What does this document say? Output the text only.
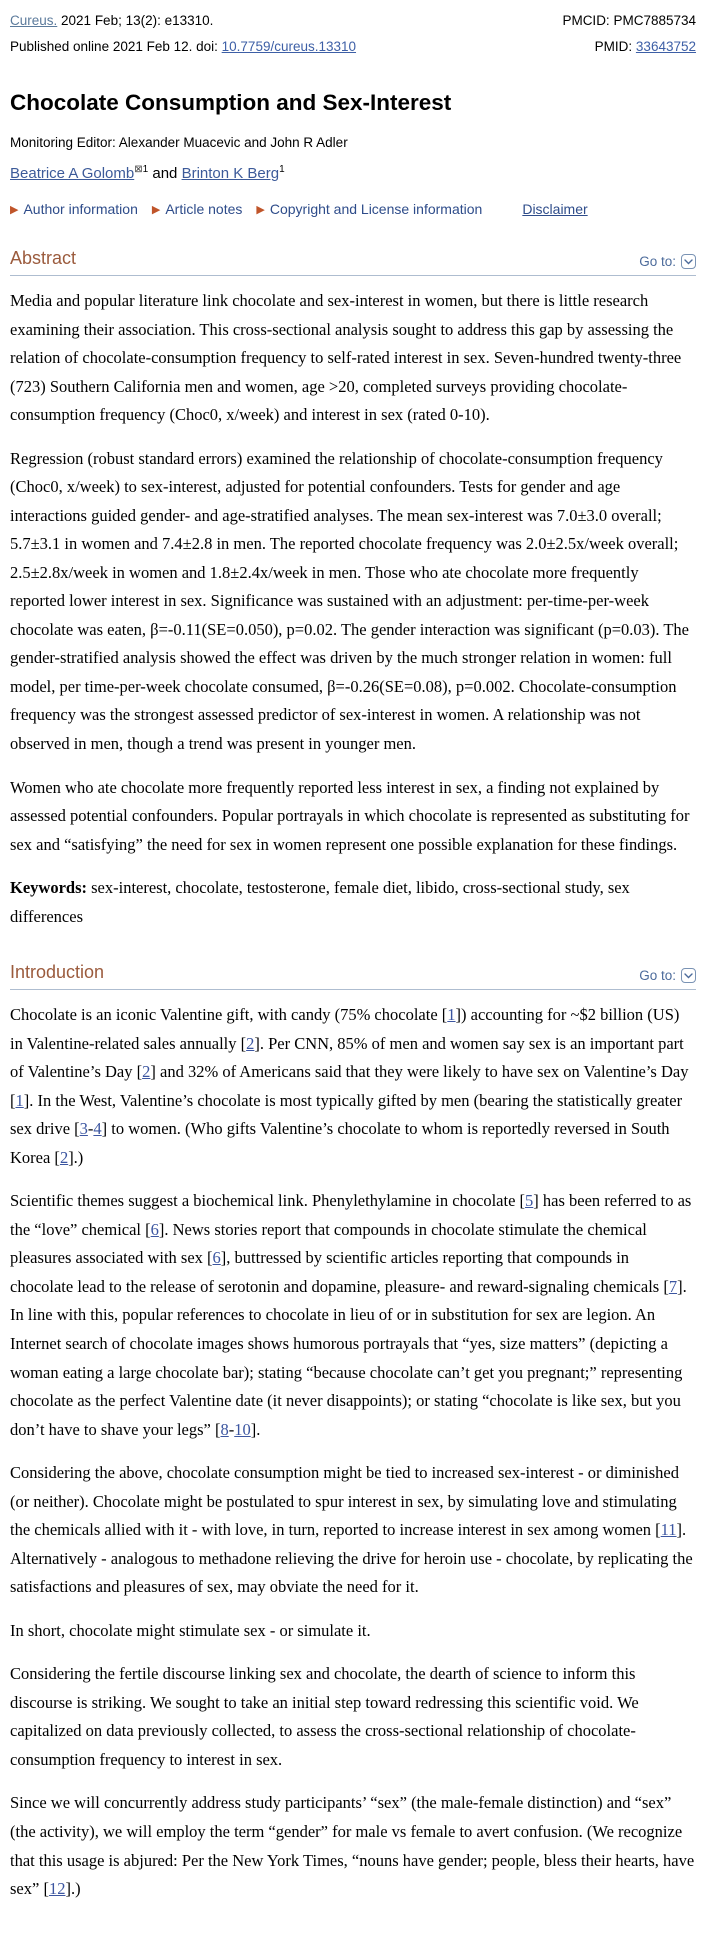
Cureus. 2021 Feb; 13(2): e13310.	PMCID: PMC7885734
Published online 2021 Feb 12. doi: 10.7759/cureus.13310	PMID: 33643752
Chocolate Consumption and Sex-Interest
Monitoring Editor: Alexander Muacevic and John R Adler
Beatrice A Golomb$^{⊠1}$ and Brinton K Berg$^1$
▶ Author information ▶ Article notes ▶ Copyright and License information	Disclaimer
Abstract	Go to:

Media and popular literature link chocolate and sex-interest in women, but there is little research examining their association. This cross-sectional analysis sought to address this gap by assessing the relation of chocolate-consumption frequency to self-rated interest in sex. Seven-hundred twenty-three (723) Southern California men and women, age >20, completed surveys providing chocolate-consumption frequency (Choc0, x/week) and interest in sex (rated 0-10).

Regression (robust standard errors) examined the relationship of chocolate-consumption frequency (Choc0, x/week) to sex-interest, adjusted for potential confounders. Tests for gender and age interactions guided gender- and age-stratified analyses. The mean sex-interest was 7.0±3.0 overall; 5.7±3.1 in women and 7.4±2.8 in men. The reported chocolate frequency was 2.0±2.5x/week overall; 2.5±2.8x/week in women and 1.8±2.4x/week in men. Those who ate chocolate more frequently reported lower interest in sex. Significance was sustained with an adjustment: per-time-per-week chocolate was eaten, β=-0.11(SE=0.050), p=0.02. The gender interaction was significant (p=0.03). The gender-stratified analysis showed the effect was driven by the much stronger relation in women: full model, per time-per-week chocolate consumed, β=-0.26(SE=0.08), p=0.002. Chocolate-consumption frequency was the strongest assessed predictor of sex-interest in women. A relationship was not observed in men, though a trend was present in younger men.

Women who ate chocolate more frequently reported less interest in sex, a finding not explained by assessed potential confounders. Popular portrayals in which chocolate is represented as substituting for sex and “satisfying” the need for sex in women represent one possible explanation for these findings.

Keywords: sex-interest, chocolate, testosterone, female diet, libido, cross-sectional study, sex differences

Introduction	Go to:

Chocolate is an iconic Valentine gift, with candy (75% chocolate [1]) accounting for ~$2 billion (US) in Valentine-related sales annually [2]. Per CNN, 85% of men and women say sex is an important part of Valentine’s Day [2] and 32% of Americans said that they were likely to have sex on Valentine’s Day [1]. In the West, Valentine’s chocolate is most typically gifted by men (bearing the statistically greater sex drive [3-4] to women. (Who gifts Valentine’s chocolate to whom is reportedly reversed in South Korea [2].)

Scientific themes suggest a biochemical link. Phenylethylamine in chocolate [5] has been referred to as the “love” chemical [6]. News stories report that compounds in chocolate stimulate the chemical pleasures associated with sex [6], buttressed by scientific articles reporting that compounds in chocolate lead to the release of serotonin and dopamine, pleasure- and reward-signaling chemicals [7]. In line with this, popular references to chocolate in lieu of or in substitution for sex are legion. An Internet search of chocolate images shows humorous portrayals that “yes, size matters” (depicting a woman eating a large chocolate bar); stating “because chocolate can’t get you pregnant;” representing chocolate as the perfect Valentine date (it never disappoints); or stating “chocolate is like sex, but you don’t have to shave your legs” [8-10].

Considering the above, chocolate consumption might be tied to increased sex-interest - or diminished (or neither). Chocolate might be postulated to spur interest in sex, by simulating love and stimulating the chemicals allied with it - with love, in turn, reported to increase interest in sex among women [11]. Alternatively - analogous to methadone relieving the drive for heroin use - chocolate, by replicating the satisfactions and pleasures of sex, may obviate the need for it.

In short, chocolate might stimulate sex - or simulate it.

Considering the fertile discourse linking sex and chocolate, the dearth of science to inform this discourse is striking. We sought to take an initial step toward redressing this scientific void. We capitalized on data previously collected, to assess the cross-sectional relationship of chocolate-consumption frequency to interest in sex.

Since we will concurrently address study participants’ “sex” (the male-female distinction) and “sex” (the activity), we will employ the term “gender” for male vs female to avert confusion. (We recognize that this usage is abjured: Per the New York Times, “nouns have gender; people, bless their hearts, have sex” [12].)
